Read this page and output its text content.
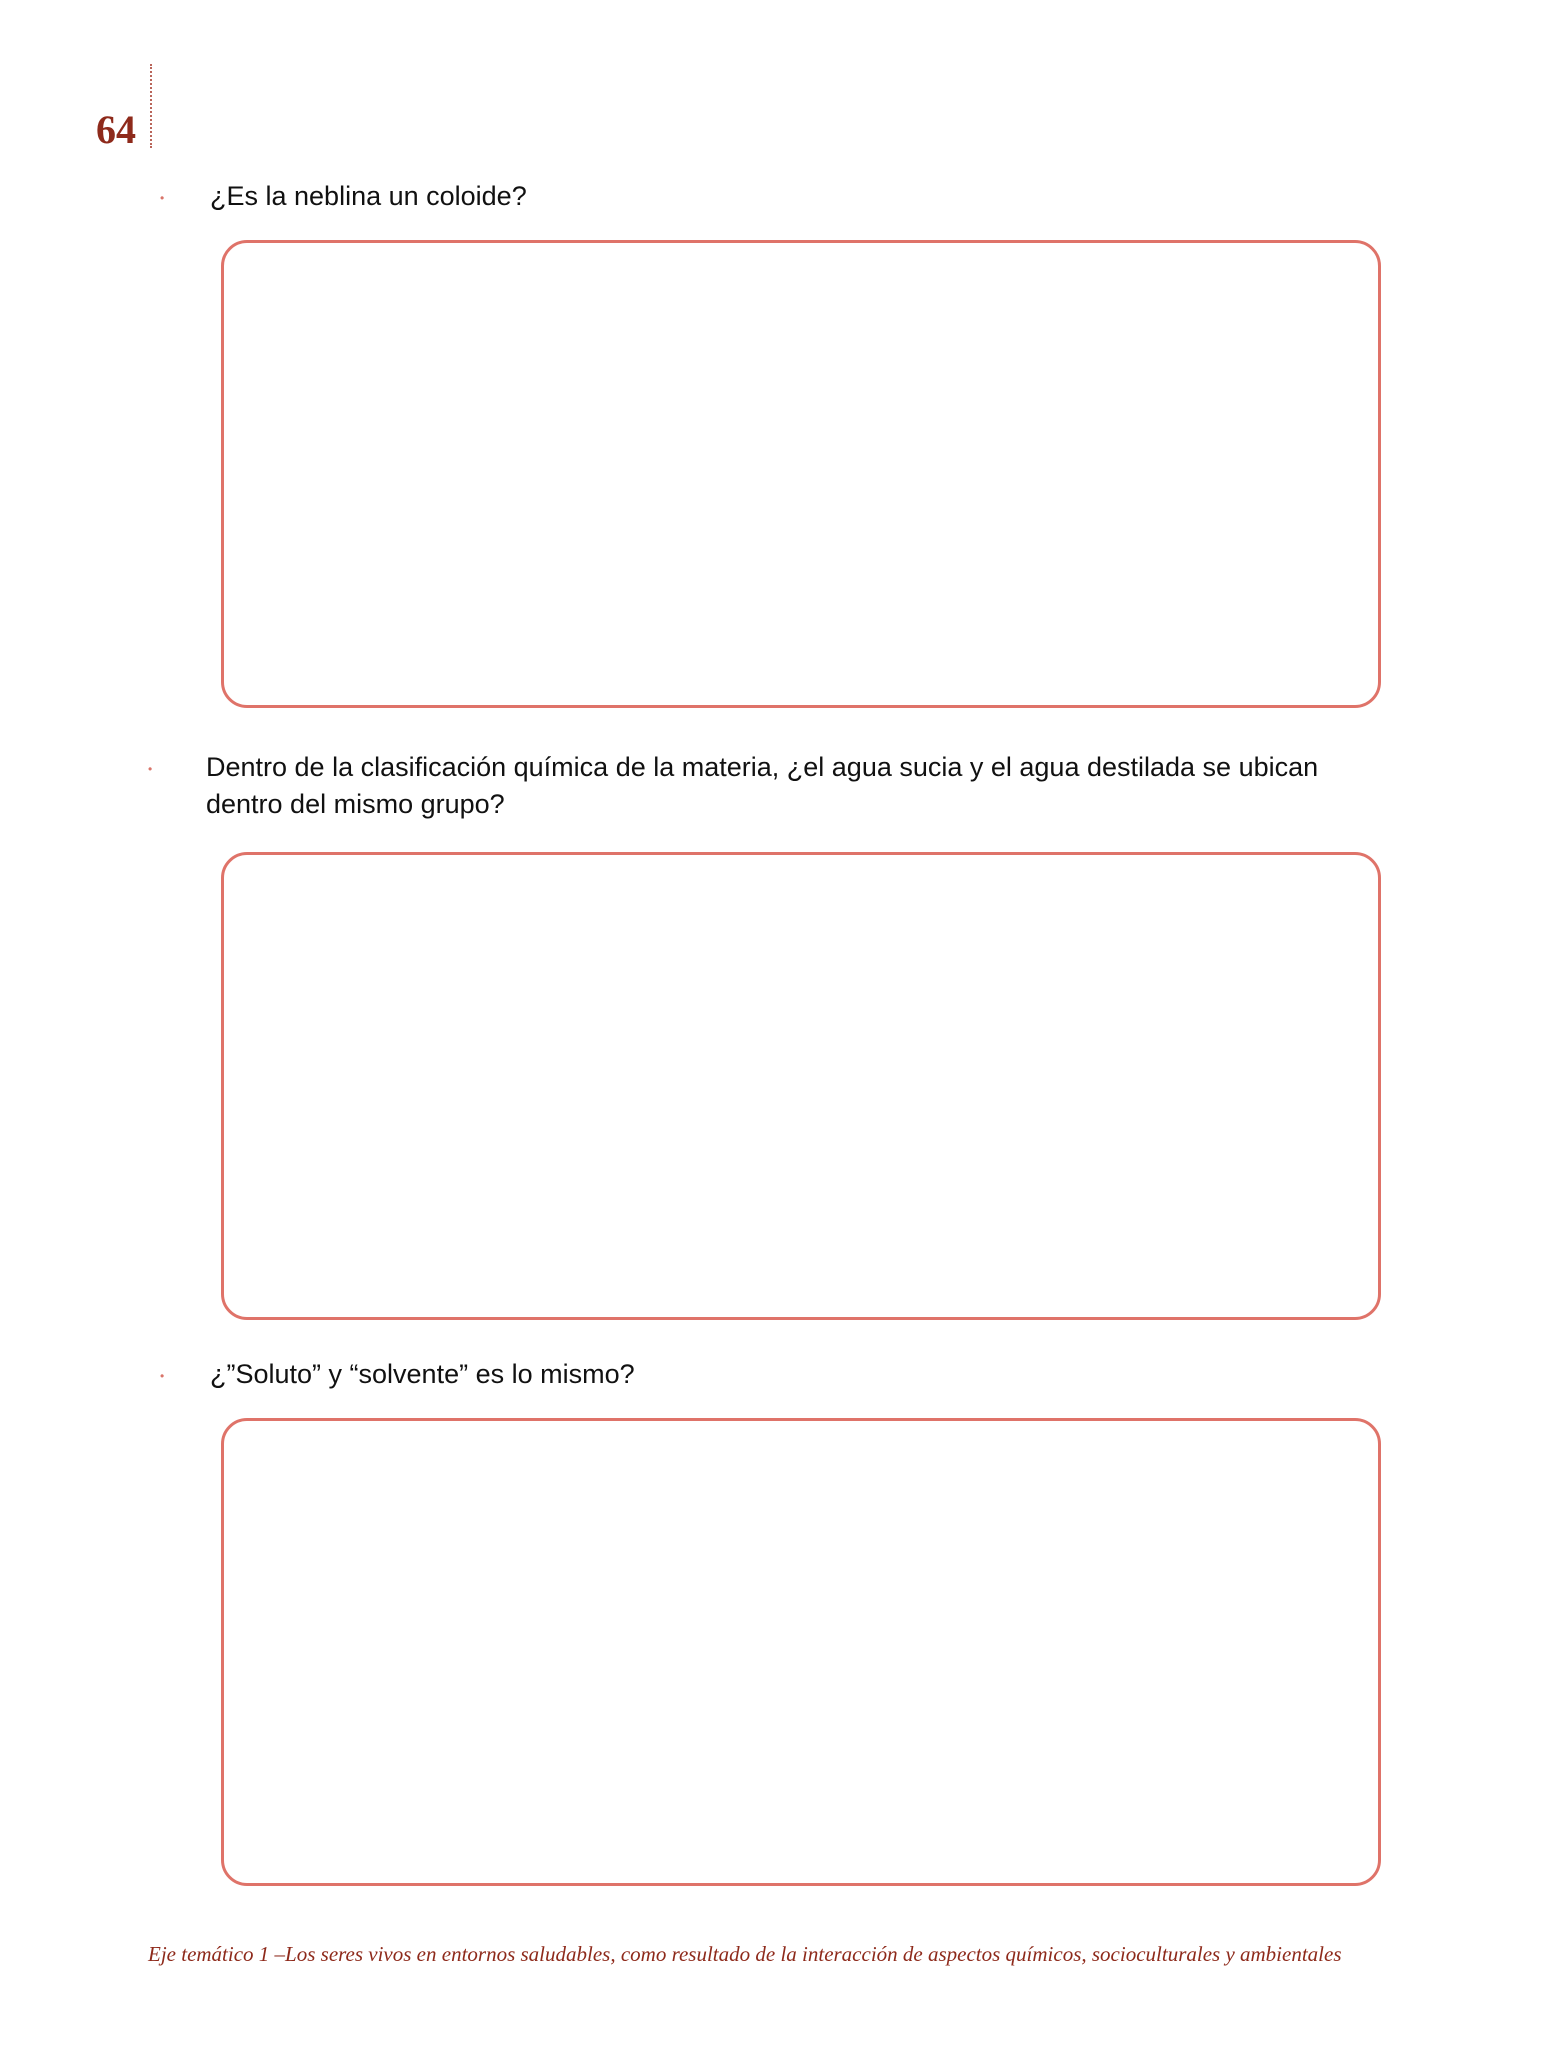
64
• ¿Es la neblina un coloide?
• Dentro de la clasificación química de la materia, ¿el agua sucia y el agua destilada se ubican dentro del mismo grupo?
• ¿”Soluto” y “solvente” es lo mismo?
Eje temático 1 –Los seres vivos en entornos saludables, como resultado de la interacción de aspectos químicos, socioculturales y ambientales
